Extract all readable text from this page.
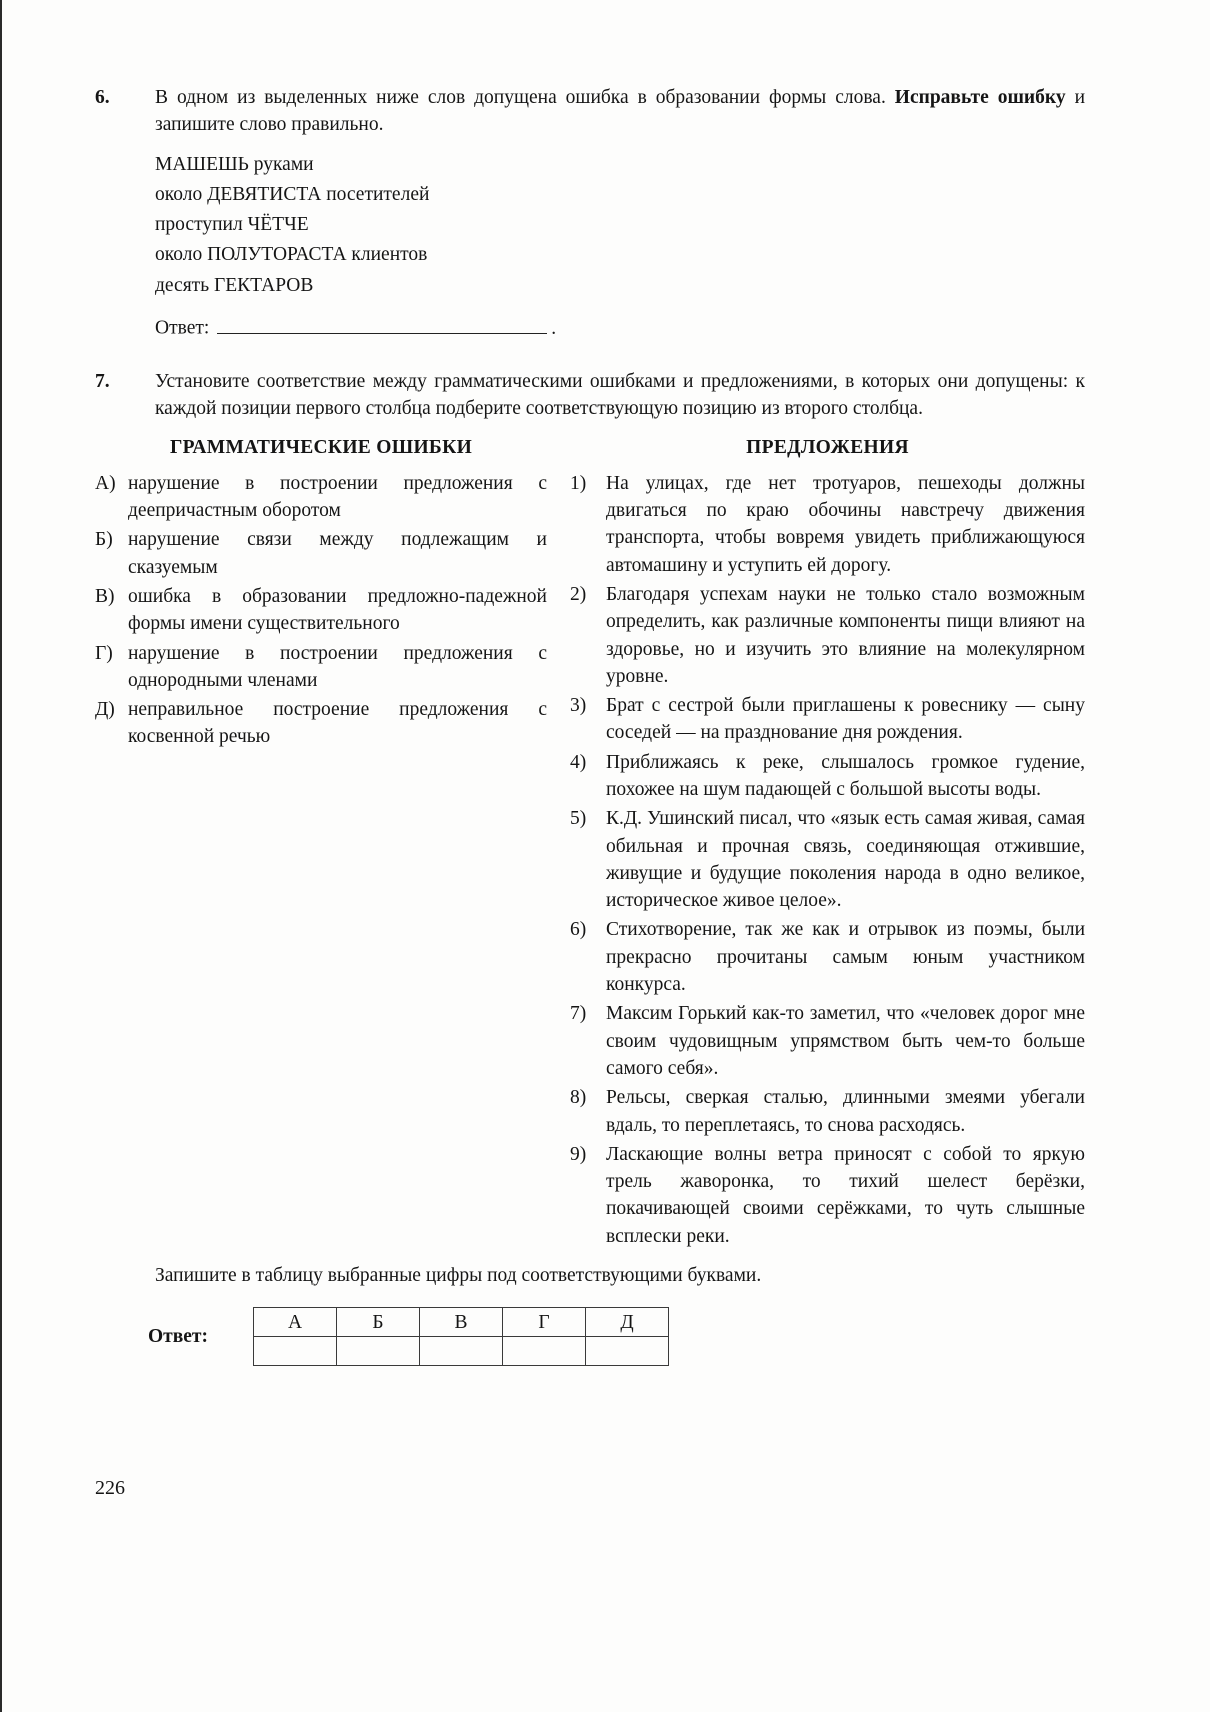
6.	В одном из выделенных ниже слов допущена ошибка в образовании формы слова. Исправьте ошибку и запишите слово правильно.

МАШЕШЬ руками
около ДЕВЯТИСТА посетителей
проступил ЧЁТЧЕ
около ПОЛУТОРАСТА клиентов
десять ГЕКТАРОВ

Ответ:	.

7.	Установите соответствие между грамматическими ошибками и предложениями, в которых они допущены: к каждой позиции первого столбца подберите соответствующую позицию из второго столбца.

ГРАММАТИЧЕСКИЕ ОШИБКИ
А) нарушение в построении предложения с деепричастным оборотом
Б) нарушение связи между подлежащим и сказуемым
В) ошибка в образовании предложно-падежной формы имени существительного
Г) нарушение в построении предложения с однородными членами
Д) неправильное построение предложения с косвенной речью
ПРЕДЛОЖЕНИЯ
1)	На улицах, где нет тротуаров, пешеходы должны двигаться по краю обочины навстречу движения транспорта, чтобы вовремя увидеть приближающуюся автомашину и уступить ей дорогу.
2)	Благодаря успехам науки не только стало возможным определить, как различные компоненты пищи влияют на здоровье, но и изучить это влияние на молекулярном уровне.
3)	Брат с сестрой были приглашены к ровеснику — сыну соседей — на празднование дня рождения.
4)	Приближаясь к реке, слышалось громкое гудение, похожее на шум падающей с большой высоты воды.
5)	К.Д. Ушинский писал, что «язык есть самая живая, самая обильная и прочная связь, соединяющая отжившие, живущие и будущие поколения народа в одно великое, историческое живое целое».
6)	Стихотворение, так же как и отрывок из поэмы, были прекрасно прочитаны самым юным участником конкурса.
7)	Максим Горький как-то заметил, что «человек дорог мне своим чудовищным упрямством быть чем-то больше самого себя».
8)	Рельсы, сверкая сталью, длинными змеями убегали вдаль, то переплетаясь, то снова расходясь.
9)	Ласкающие волны ветра приносят с собой то яркую трель жаворонка, то тихий шелест берёзки, покачивающей своими серёжками, то чуть слышные всплески реки.

Запишите в таблицу выбранные цифры под соответствующими буквами.

Ответ:
А	Б	В	Г	Д

226
